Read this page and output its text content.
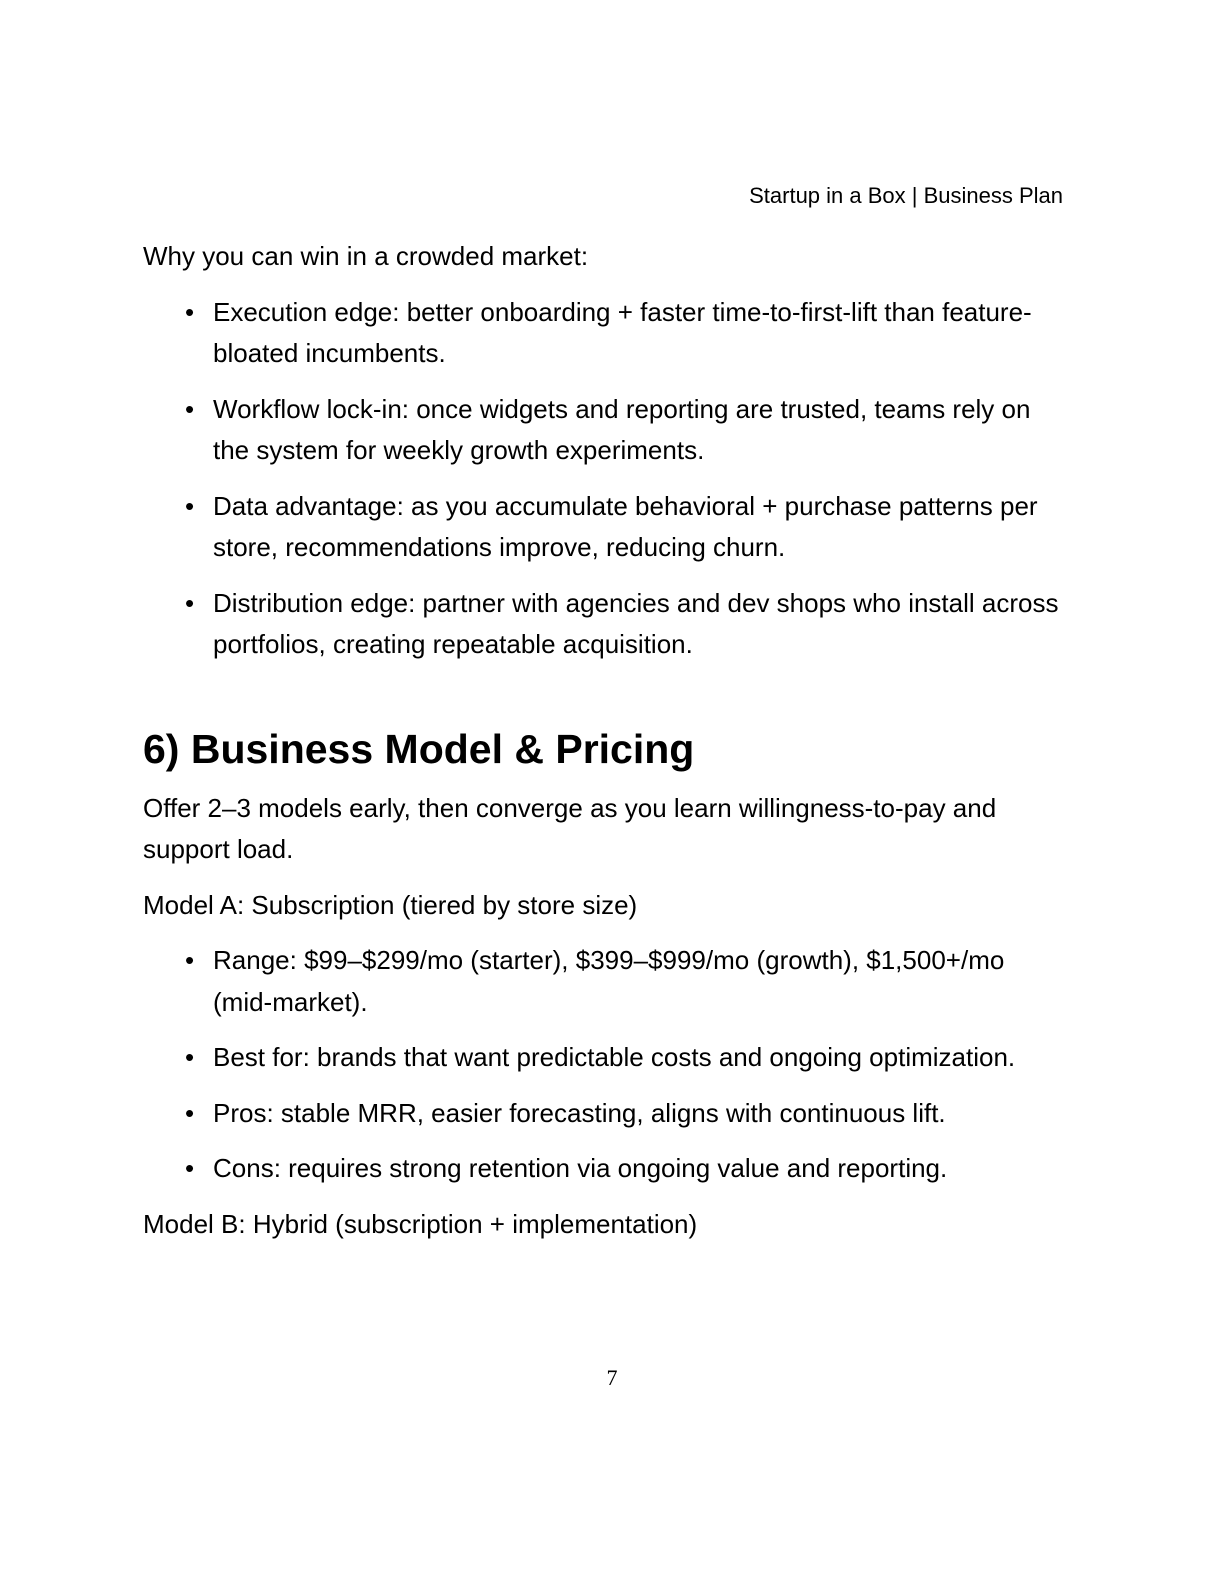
Startup in a Box | Business Plan

Why you can win in a crowded market:

• Execution edge: better onboarding + faster time-to-first-lift than feature-bloated incumbents.
• Workflow lock-in: once widgets and reporting are trusted, teams rely on the system for weekly growth experiments.
• Data advantage: as you accumulate behavioral + purchase patterns per store, recommendations improve, reducing churn.
• Distribution edge: partner with agencies and dev shops who install across portfolios, creating repeatable acquisition.
6) Business Model & Pricing

Offer 2–3 models early, then converge as you learn willingness-to-pay and support load.

Model A: Subscription (tiered by store size)

• Range: $99–$299/mo (starter), $399–$999/mo (growth), $1,500+/mo (mid-market).
• Best for: brands that want predictable costs and ongoing optimization.
• Pros: stable MRR, easier forecasting, aligns with continuous lift.
• Cons: requires strong retention via ongoing value and reporting.

Model B: Hybrid (subscription + implementation)

7
